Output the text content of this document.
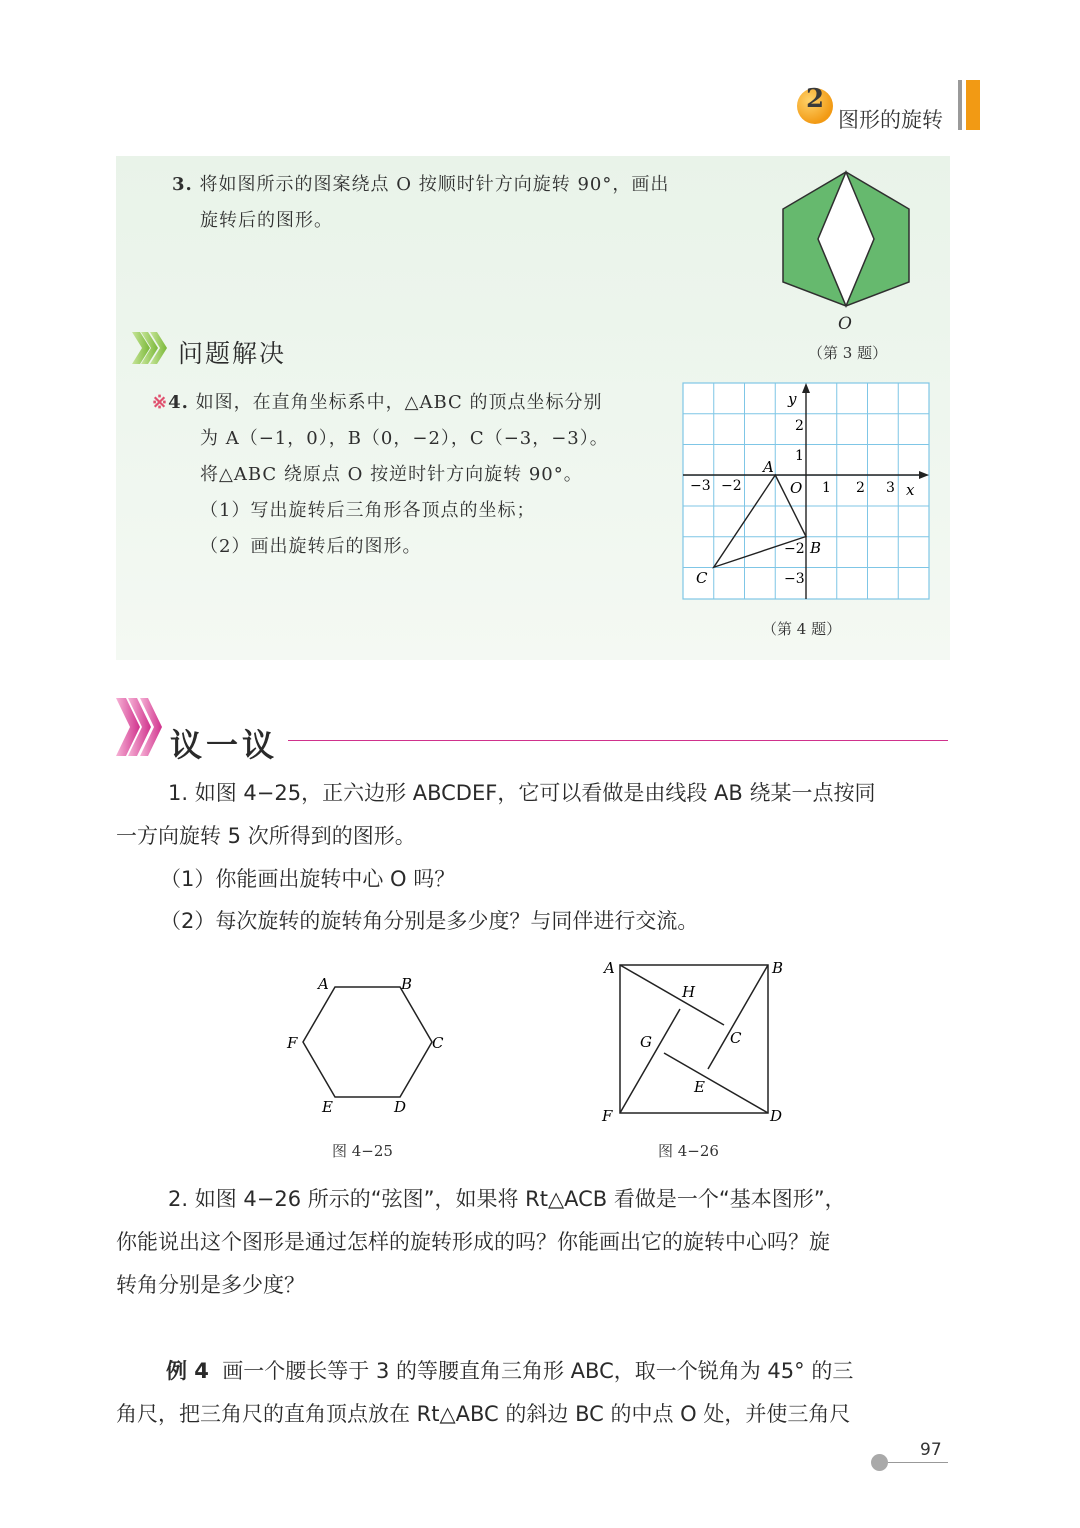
2
图形的旋转
3. 将如图所示的图案绕点 O 按顺时针方向旋转 90°，画出
旋转后的图形。
O
（第 3 题）
问题解决
※4. 如图，在直角坐标系中，△ABC 的顶点坐标分别
为 A（−1，0），B（0，−2），C（−3，−3）。
将△ABC 绕原点 O 按逆时针方向旋转 90°。
（1）写出旋转后三角形各顶点的坐标；
（2）画出旋转后的图形。
y
x
O
−3 −2	1 2 3
2
1
−2
−3
A
B
C
（第 4 题）
议一议
1. 如图 4−25，正六边形 ABCDEF，它可以看做是由线段 AB 绕某一点按同
一方向旋转 5 次所得到的图形。
（1）你能画出旋转中心 O 吗？
（2）每次旋转的旋转角分别是多少度？与同伴进行交流。
A	B
C
D
E
F
图 4−25
A	B
C
D
E
F
G
H
图 4−26
2. 如图 4−26 所示的“弦图”，如果将 Rt△ACB 看做是一个“基本图形”，
你能说出这个图形是通过怎样的旋转形成的吗？你能画出它的旋转中心吗？旋
转角分别是多少度？
例 4 画一个腰长等于 3 的等腰直角三角形 ABC，取一个锐角为 45° 的三
角尺，把三角尺的直角顶点放在 Rt△ABC 的斜边 BC 的中点 O 处，并使三角尺
97
